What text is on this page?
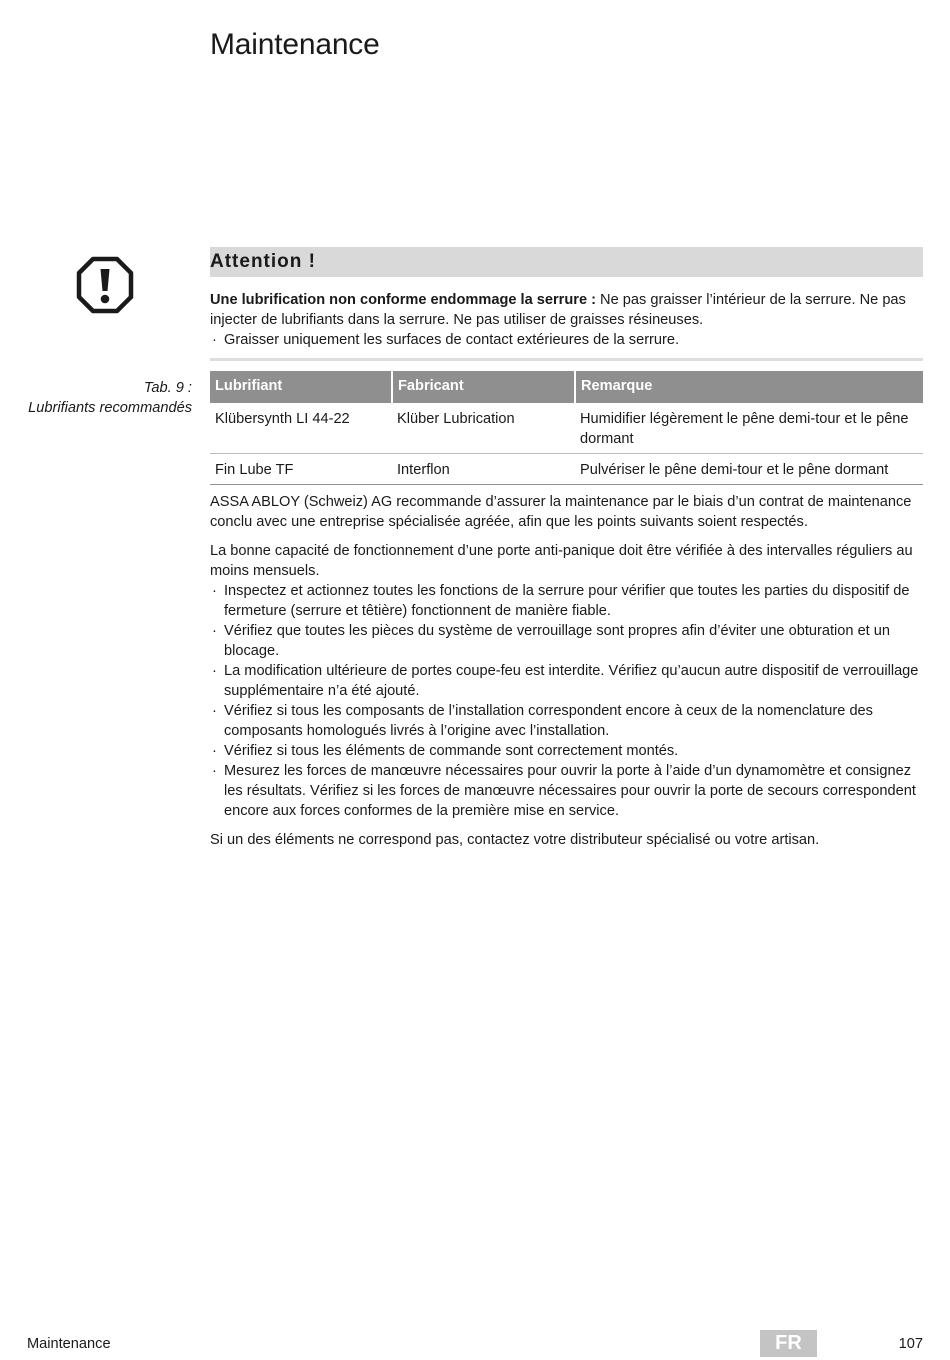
Maintenance
Attention !
Une lubrification non conforme endommage la serrure : Ne pas graisser l’intérieur de la serrure. Ne pas injecter de lubrifiants dans la serrure. Ne pas utiliser de graisses résineuses.
· Graisser uniquement les surfaces de contact extérieures de la serrure.
Tab. 9 :
Lubrifiants recommandés
Lubrifiant	Fabricant	Remarque
Klübersynth LI 44-22	Klüber Lubrication	Humidifier légèrement le pêne demi-tour et le pêne dormant
Fin Lube TF	Interflon	Pulvériser le pêne demi-tour et le pêne dormant

ASSA ABLOY (Schweiz) AG recommande d’assurer la maintenance par le biais d’un contrat de maintenance conclu avec une entreprise spécialisée agréée, afin que les points suivants soient respectés.

La bonne capacité de fonctionnement d’une porte anti-panique doit être vérifiée à des intervalles réguliers au moins mensuels.
· Inspectez et actionnez toutes les fonctions de la serrure pour vérifier que toutes les parties du dispositif de fermeture (serrure et têtière) fonctionnent de manière fiable.
· Vérifiez que toutes les pièces du système de verrouillage sont propres afin d’éviter une obturation et un blocage.
· La modification ultérieure de portes coupe-feu est interdite. Vérifiez qu’aucun autre dispositif de verrouillage supplémentaire n’a été ajouté.
· Vérifiez si tous les composants de l’installation correspondent encore à ceux de la nomenclature des composants homologués livrés à l’origine avec l’installation.
· Vérifiez si tous les éléments de commande sont correctement montés.
· Mesurez les forces de manœuvre nécessaires pour ouvrir la porte à l’aide d’un dynamomètre et consignez les résultats. Vérifiez si les forces de manœuvre nécessaires pour ouvrir la porte de secours correspondent encore aux forces conformes de la première mise en service.

Si un des éléments ne correspond pas, contactez votre distributeur spécialisé ou votre artisan.

Maintenance	FR	107
